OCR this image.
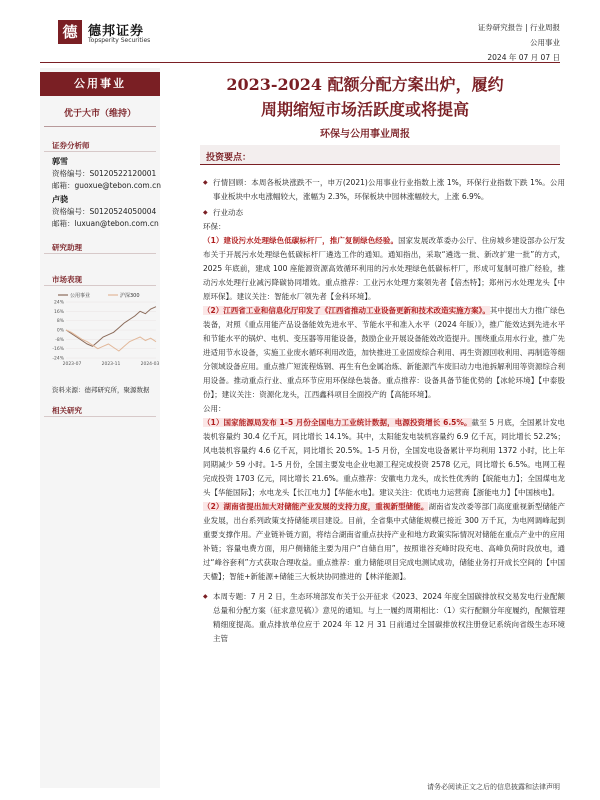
德 德邦证券
Topsperity Securities
证券研究报告 | 行业周报
公用事业
2024 年 07 月 07 日
公用事业
优于大市（维持）
证券分析师
郭雪
资格编号：S0120522120001
邮箱：guoxue@tebon.com.cn
卢骁
资格编号：S0120524050004
邮箱：luxuan@tebon.com.cn
研究助理
市场表现
公用事业	沪深300
24%
16%
8%
0%
-8%
-16%
-24%
2023-07	2023-11	2024-03
资料来源：德邦研究所，聚源数据
相关研究
2023-2024 配额分配方案出炉，履约
周期缩短市场活跃度或将提高
环保与公用事业周报
投资要点：

◆ 行情回顾：本周各板块涨跌不一，申万(2021)公用事业行业指数上涨 1%，环保行业指数下跌 1%。公用事业板块中水电涨幅较大，涨幅为 2.3%，环保板块中园林涨幅较大，上涨 6.9%。

◆ 行业动态

环保：

（1）建设污水处理绿色低碳标杆厂，推广复制绿色经验。国家发展改革委办公厅、住房城乡建设部办公厅发布关于开展污水处理绿色低碳标杆厂遴选工作的通知。通知指出，采取“遴选一批、新改扩建一批”的方式，2025 年底前，建成 100 座能源资源高效循环利用的污水处理绿色低碳标杆厂，形成可复制可推广经验，推动污水处理行业减污降碳协同增效。重点推荐：工业污水处理方案领先者【倍杰特】；郑州污水处理龙头【中原环保】。建议关注：智能水厂领先者【金科环境】。

（2）江西省工业和信息化厅印发了《江西省推动工业设备更新和技术改造实施方案》。其中提出大力推广绿色装备，对照《重点用能产品设备能效先进水平、节能水平和准入水平（2024 年版）》，推广能效达到先进水平和节能水平的锅炉、电机、变压器等用能设备，鼓励企业开展设备能效改造提升。围绕重点用水行业，推广先进适用节水设备，实施工业废水循环利用改造，加快推进工业固废综合利用、再生资源回收利用、再制造等细分领域设备应用。重点推广短流程炼钢、再生有色金属冶炼、新能源汽车废旧动力电池拆解利用等资源综合利用设备。推动重点行业、重点环节应用环保绿色装备。重点推荐：设备具备节能优势的【冰轮环境】【中泰股份】；建议关注：资源化龙头，江西鑫科项目全面投产的【高能环境】。

公用：

（1）国家能源局发布 1-5 月份全国电力工业统计数据，电源投资增长 6.5%。截至 5 月底，全国累计发电装机容量约 30.4 亿千瓦，同比增长 14.1%。其中，太阳能发电装机容量约 6.9 亿千瓦，同比增长 52.2%；风电装机容量约 4.6 亿千瓦，同比增长 20.5%。1-5 月份，全国发电设备累计平均利用 1372 小时，比上年同期减少 59 小时。1-5 月份，全国主要发电企业电源工程完成投资 2578 亿元，同比增长 6.5%。电网工程完成投资 1703 亿元，同比增长 21.6%。重点推荐：安徽电力龙头，成长性优秀的【皖能电力】；全国煤电龙头【华能国际】；水电龙头【长江电力】【华能水电】。建议关注：优质电力运营商【浙能电力】【中国核电】。

（2）湖南省提出加大对储能产业发展的支持力度，重视新型储能。湖南省发改委等部门高度重视新型储能产业发展，出台系列政策支持储能项目建设。目前，全省集中式储能规模已接近 300 万千瓦，为电网调峰起到重要支撑作用。产业链补链方面，将结合湖南省重点扶持产业和地方政策实际情况对储能在重点产业中的应用补链；容量电费方面，用户侧储能主要为用户“自储自用”，按照谁谷充峰时段充电、高峰负荷时段放电，通过“峰谷套利”方式获取合理收益。重点推荐：重力储能项目完成电测试成功，储能业务打开成长空间的【中国天楹】；智能+新能源+储能三大板块协同推进的【林洋能源】。

◆ 本周专题：7 月 2 日，生态环境部发布关于公开征求《2023、2024 年度全国碳排放权交易发电行业配额总量和分配方案（征求意见稿）》意见的通知。与上一履约周期相比：（1）实行配额分年度履约，配额管理精细度提高。重点排放单位应于 2024 年 12 月 31 日前通过全国碳排放权注册登记系统向省级生态环境主管

请务必阅读正文之后的信息披露和法律声明
